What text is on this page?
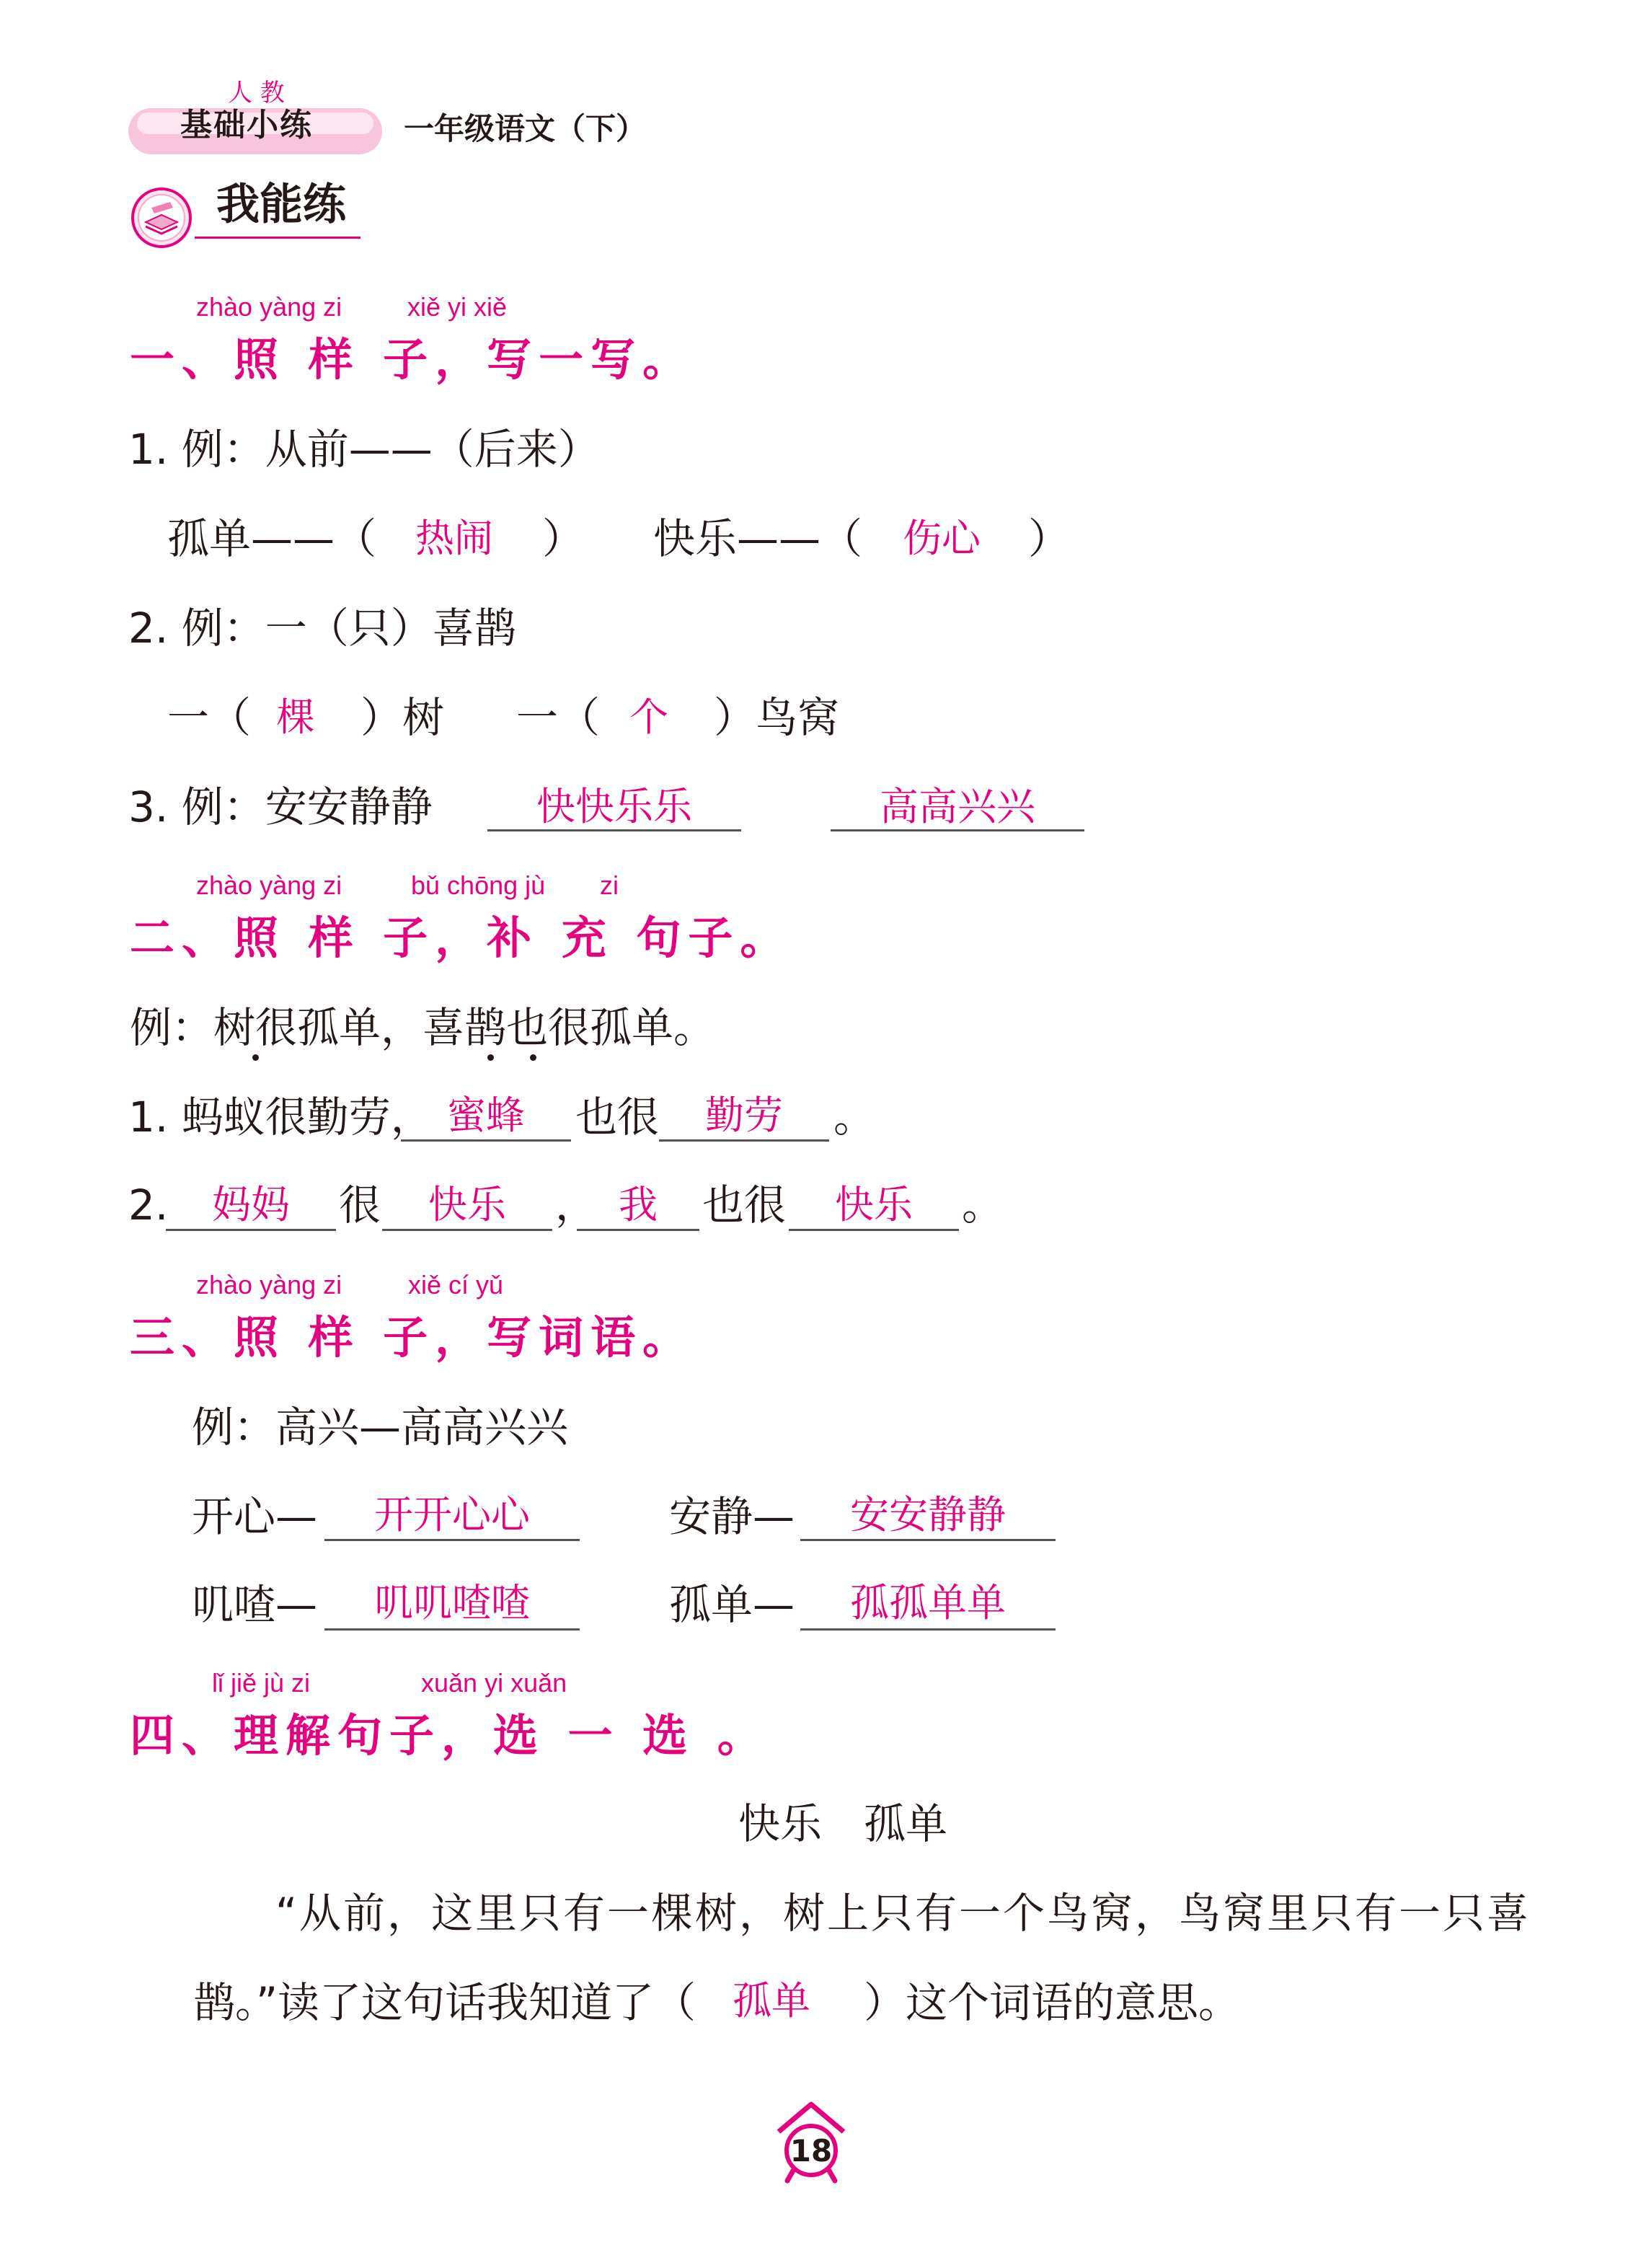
人 教
基础小练	一年级语文（下）
我能练
zhào yàng zi	xiě yi xiě
一、照 样 子，写一写。
1. 例：从前——（后来）
孤单——（ 热闹	） 快乐——（	伤心	）
2. 例：一（只）喜鹊
一（ 棵	）树 一（ 个	）鸟窝
3. 例：安安静静	快快乐乐	高高兴兴
zhào yàng zi	bǔ chōng jù zi
二、照 样 子，补 充 句子。
例：树很孤单，喜鹊也很孤单。
1. 蚂蚁很勤劳， 蜜蜂	也很	勤劳	。
2.	妈妈	很	快乐	， 我	也很	快乐	。
zhào yàng zi	xiě cí yǔ
三、照 样 子，写词语。
例：高兴—高高兴兴
开心—	开开心心	安静—	安安静静
叽喳—	叽叽喳喳	孤单—	孤孤单单
lǐ jiě jù zi	xuǎn yi xuǎn
四、理解句子，选 一 选 。
快乐　孤单
“从前，这里只有一棵树，树上只有一个鸟窝，鸟窝里只有一只喜
鹊。”读了这句话我知道了（ 孤单	）这个词语的意思。
18
